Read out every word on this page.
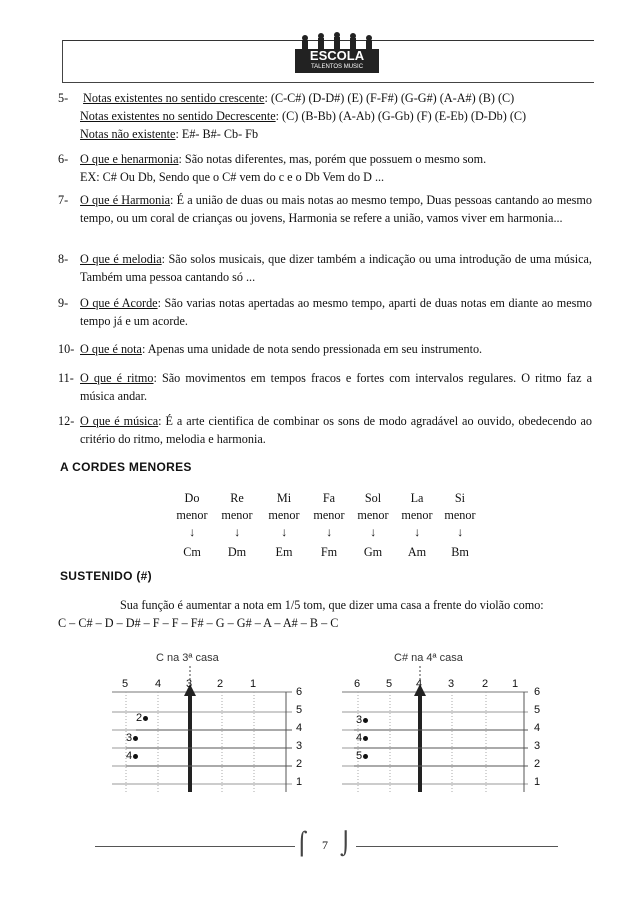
ESCOLA
TALENTOS MUSIC
5-	Notas existentes no sentido crescente: (C-C#) (D-D#) (E) (F-F#) (G-G#) (A-A#) (B) (C)
Notas existentes no sentido Decrescente: (C) (B-Bb) (A-Ab) (G-Gb) (F) (E-Eb) (D-Db) (C)
Notas não existente: E#- B#- Cb- Fb
6- O que e henarmonia: São notas diferentes, mas, porém que possuem o mesmo som.
EX: C# Ou Db, Sendo que o C# vem do c e o Db Vem do D ...
7- O que é Harmonia: É a união de duas ou mais notas ao mesmo tempo, Duas pessoas cantando ao mesmo tempo, ou um coral de crianças ou jovens, Harmonia se refere a união, vamos viver em harmonia...
8- O que é melodia: São solos musicais, que dizer também a indicação ou uma introdução de uma música, Também uma pessoa cantando só ...
9- O que é Acorde: São varias notas apertadas ao mesmo tempo, aparti de duas notas em diante ao mesmo tempo já e um acorde.
10- O que é nota: Apenas uma unidade de nota sendo pressionada em seu instrumento.
11- O que é ritmo: São movimentos em tempos fracos e fortes com intervalos regulares. O ritmo faz a música andar.
12- O que é música: É a arte cientifica de combinar os sons de modo agradável ao ouvido, obedecendo ao critério do ritmo, melodia e harmonia.
A CORDES MENORES
Do
menor
↓
Cm
Re
menor
↓
Dm
Mi
menor
↓
Em
Fa
menor
↓
Fm
Sol
menor
↓
Gm
La
menor
↓
Am
Si
menor
↓
Bm
SUSTENIDO (#)
Sua função é aumentar a nota em 1/5 tom, que dizer uma casa a frente do violão como:
C – C# – D – D# – F – F – F# – G – G# – A – A# – B – C
C na 3ª casa
5 4 3 2 1
6
5
4
3
2
1
2
3
4
C# na 4ª casa
6 5 4 3	2 1
6
5
4
3
2
1
3
4
5
⌠ ⌡
7
